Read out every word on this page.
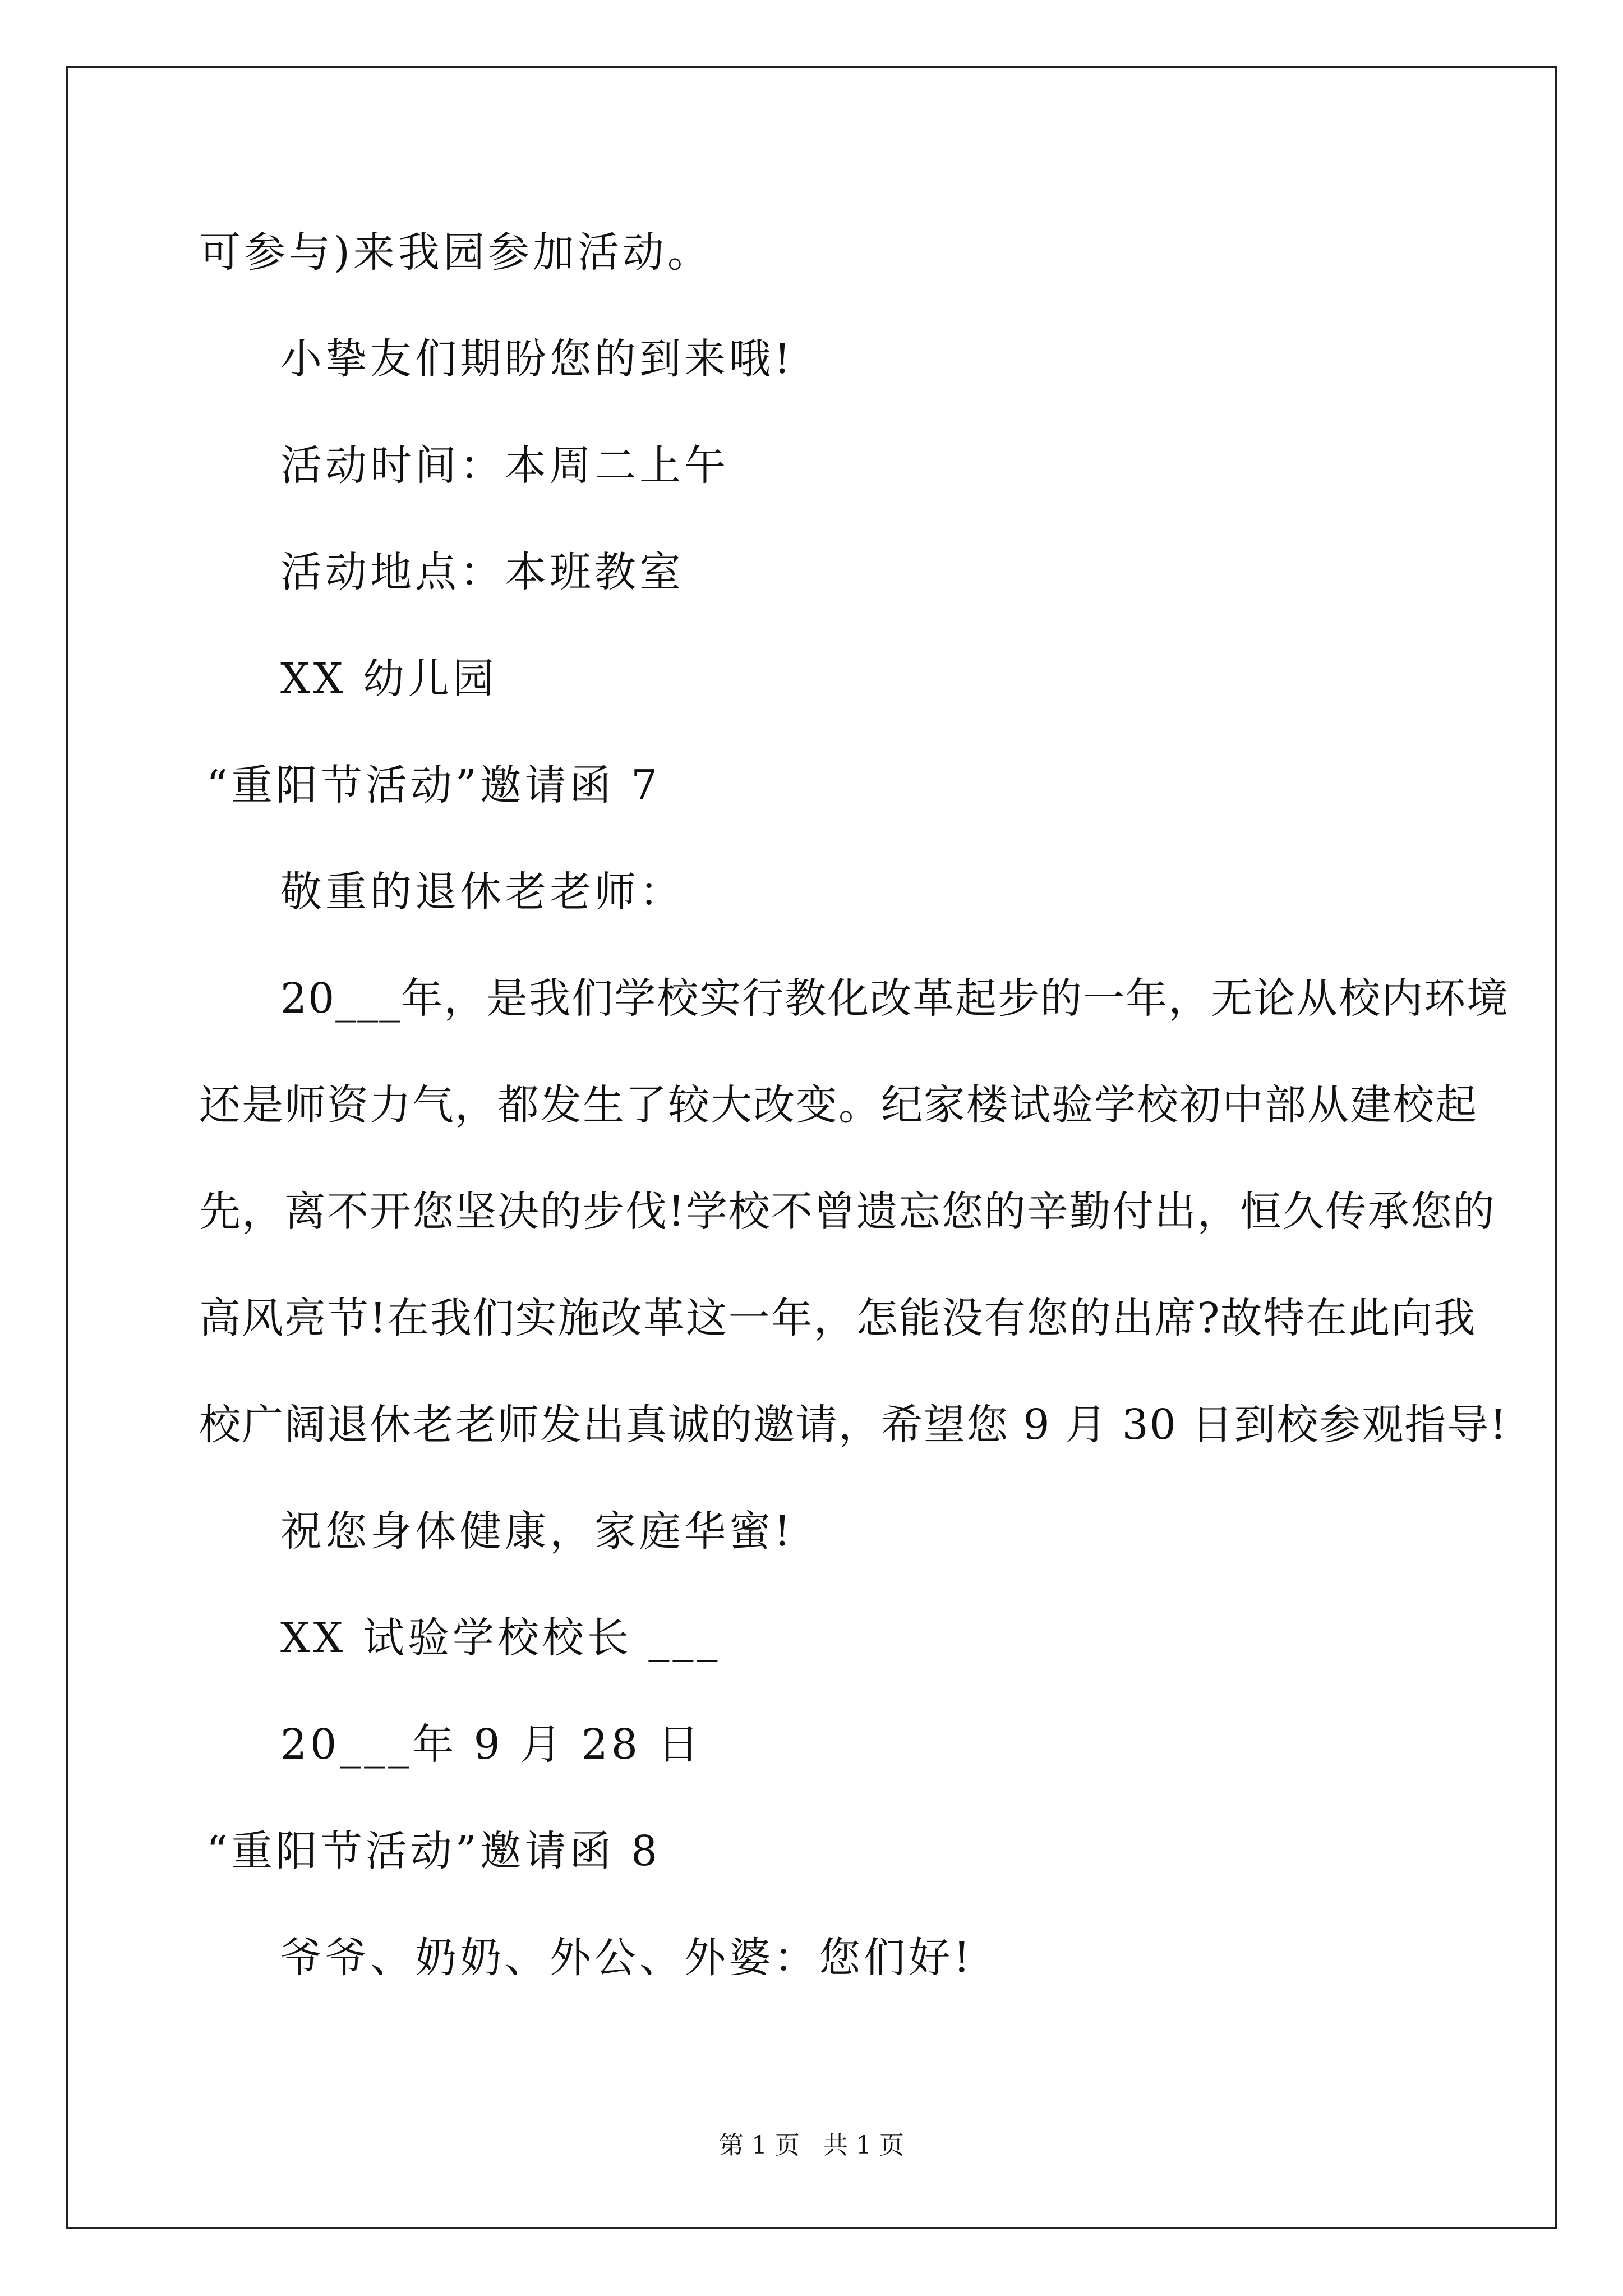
可参与)来我园参加活动。
小挚友们期盼您的到来哦!
活动时间：本周二上午
活动地点：本班教室
XX 幼儿园
“重阳节活动”邀请函 7
敬重的退休老老师：
20___年，是我们学校实行教化改革起步的一年，无论从校内环境
还是师资力气，都发生了较大改变。纪家楼试验学校初中部从建校起
先，离不开您坚决的步伐!学校不曾遗忘您的辛勤付出，恒久传承您的
高风亮节!在我们实施改革这一年，怎能没有您的出席?故特在此向我
校广阔退休老老师发出真诚的邀请，希望您 9 月 30 日到校参观指导!
祝您身体健康，家庭华蜜!
XX 试验学校校长 ___
20___年 9 月 28 日
“重阳节活动”邀请函 8
爷爷、奶奶、外公、外婆：您们好!
第 1 页   共 1 页
